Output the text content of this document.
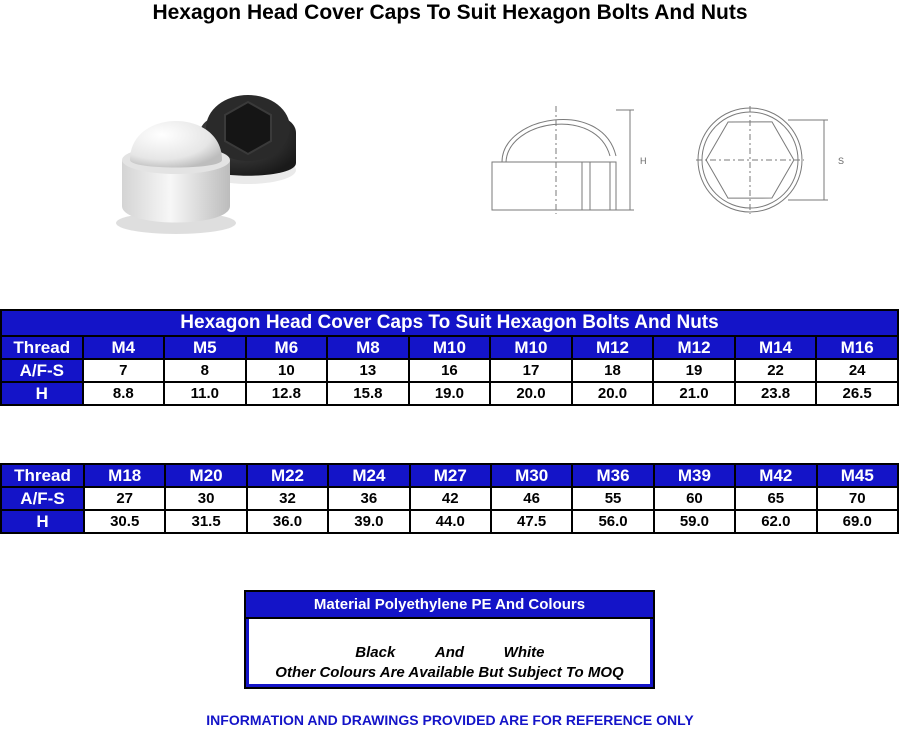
Hexagon Head Cover Caps To Suit Hexagon Bolts And Nuts
H	S
Hexagon Head Cover Caps To Suit Hexagon Bolts And Nuts										
Thread	M4	M5	M6	M8	M10	M10	M12	M12	M14	M16
A/F-S	7	8	10	13	16	17	18	19	22	24
H	8.8	11.0	12.8	15.8	19.0	20.0	20.0	21.0	23.8	26.5
Thread	M18	M20	M22	M24	M27	M30	M36	M39	M42	M45
A/F-S	27	30	32	36	42	46	55	60	65	70
H	30.5	31.5	36.0	39.0	44.0	47.5	56.0	59.0	62.0	69.0
Material Polyethylene PE And Colours
Black	And	White
Other Colours Are Available But Subject To MOQ
INFORMATION AND DRAWINGS PROVIDED ARE FOR REFERENCE ONLY
